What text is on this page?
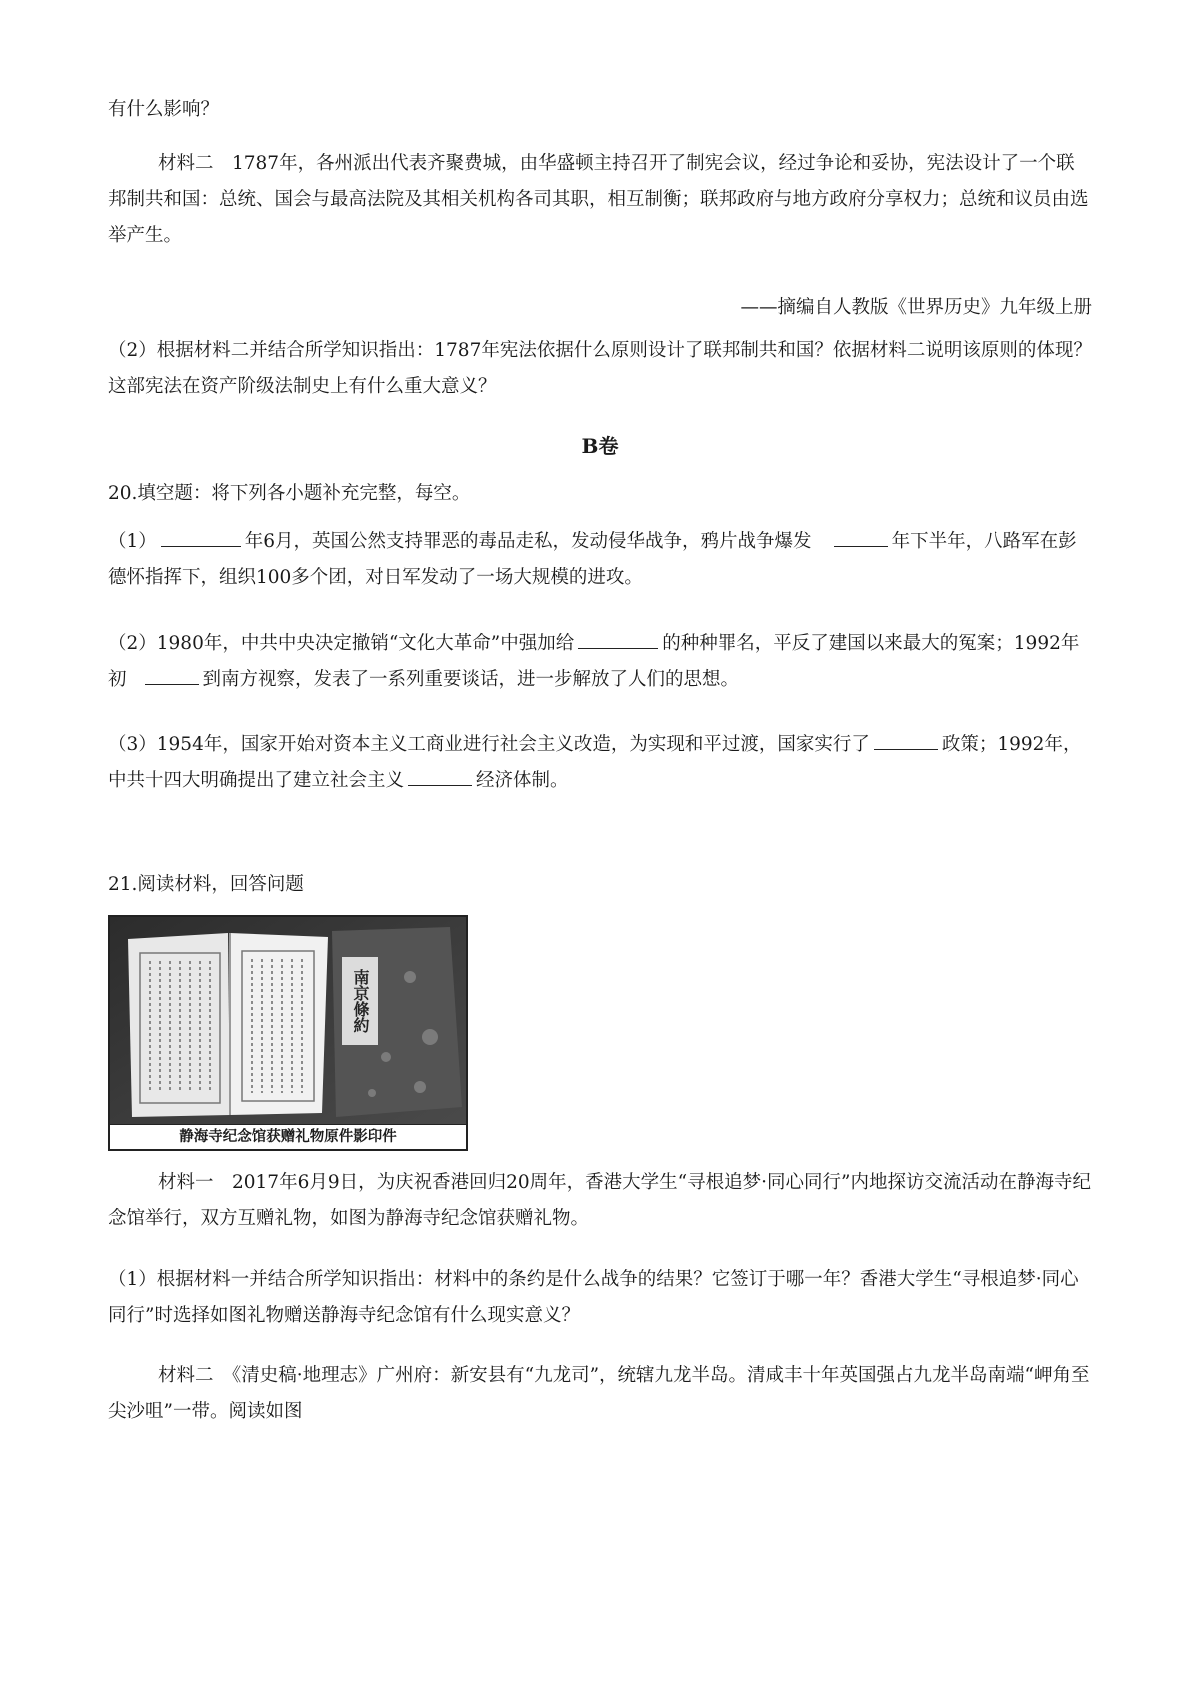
有什么影响？

材料二　1787年，各州派出代表齐聚费城，由华盛顿主持召开了制宪会议，经过争论和妥协，宪法设计了一个联邦制共和国：总统、国会与最高法院及其相关机构各司其职，相互制衡；联邦政府与地方政府分享权力；总统和议员由选举产生。

——摘编自人教版《世界历史》九年级上册

（2）根据材料二并结合所学知识指出：1787年宪法依据什么原则设计了联邦制共和国？依据材料二说明该原则的体现？这部宪法在资产阶级法制史上有什么重大意义？

B卷

20.填空题：将下列各小题补充完整，每空。

（1）	年6月，英国公然支持罪恶的毒品走私，发动侵华战争，鸦片战争爆发	年下半年，八路军在彭德怀指挥下，组织100多个团，对日军发动了一场大规模的进攻。

（2）1980年，中共中央决定撤销“文化大革命”中强加给	的种种罪名，平反了建国以来最大的冤案；1992年初	到南方视察，发表了一系列重要谈话，进一步解放了人们的思想。

（3）1954年，国家开始对资本主义工商业进行社会主义改造，为实现和平过渡，国家实行了	政策；1992年，中共十四大明确提出了建立社会主义	经济体制。

21.阅读材料，回答问题

南京條約
静海寺纪念馆获赠礼物原件影印件

材料一　2017年6月9日，为庆祝香港回归20周年，香港大学生“寻根追梦·同心同行”内地探访交流活动在静海寺纪念馆举行，双方互赠礼物，如图为静海寺纪念馆获赠礼物。

（1）根据材料一并结合所学知识指出：材料中的条约是什么战争的结果？它签订于哪一年？香港大学生“寻根追梦·同心同行”时选择如图礼物赠送静海寺纪念馆有什么现实意义？

材料二　《清史稿·地理志》广州府：新安县有“九龙司”，统辖九龙半岛。清咸丰十年英国强占九龙半岛南端“岬角至尖沙咀”一带。阅读如图
